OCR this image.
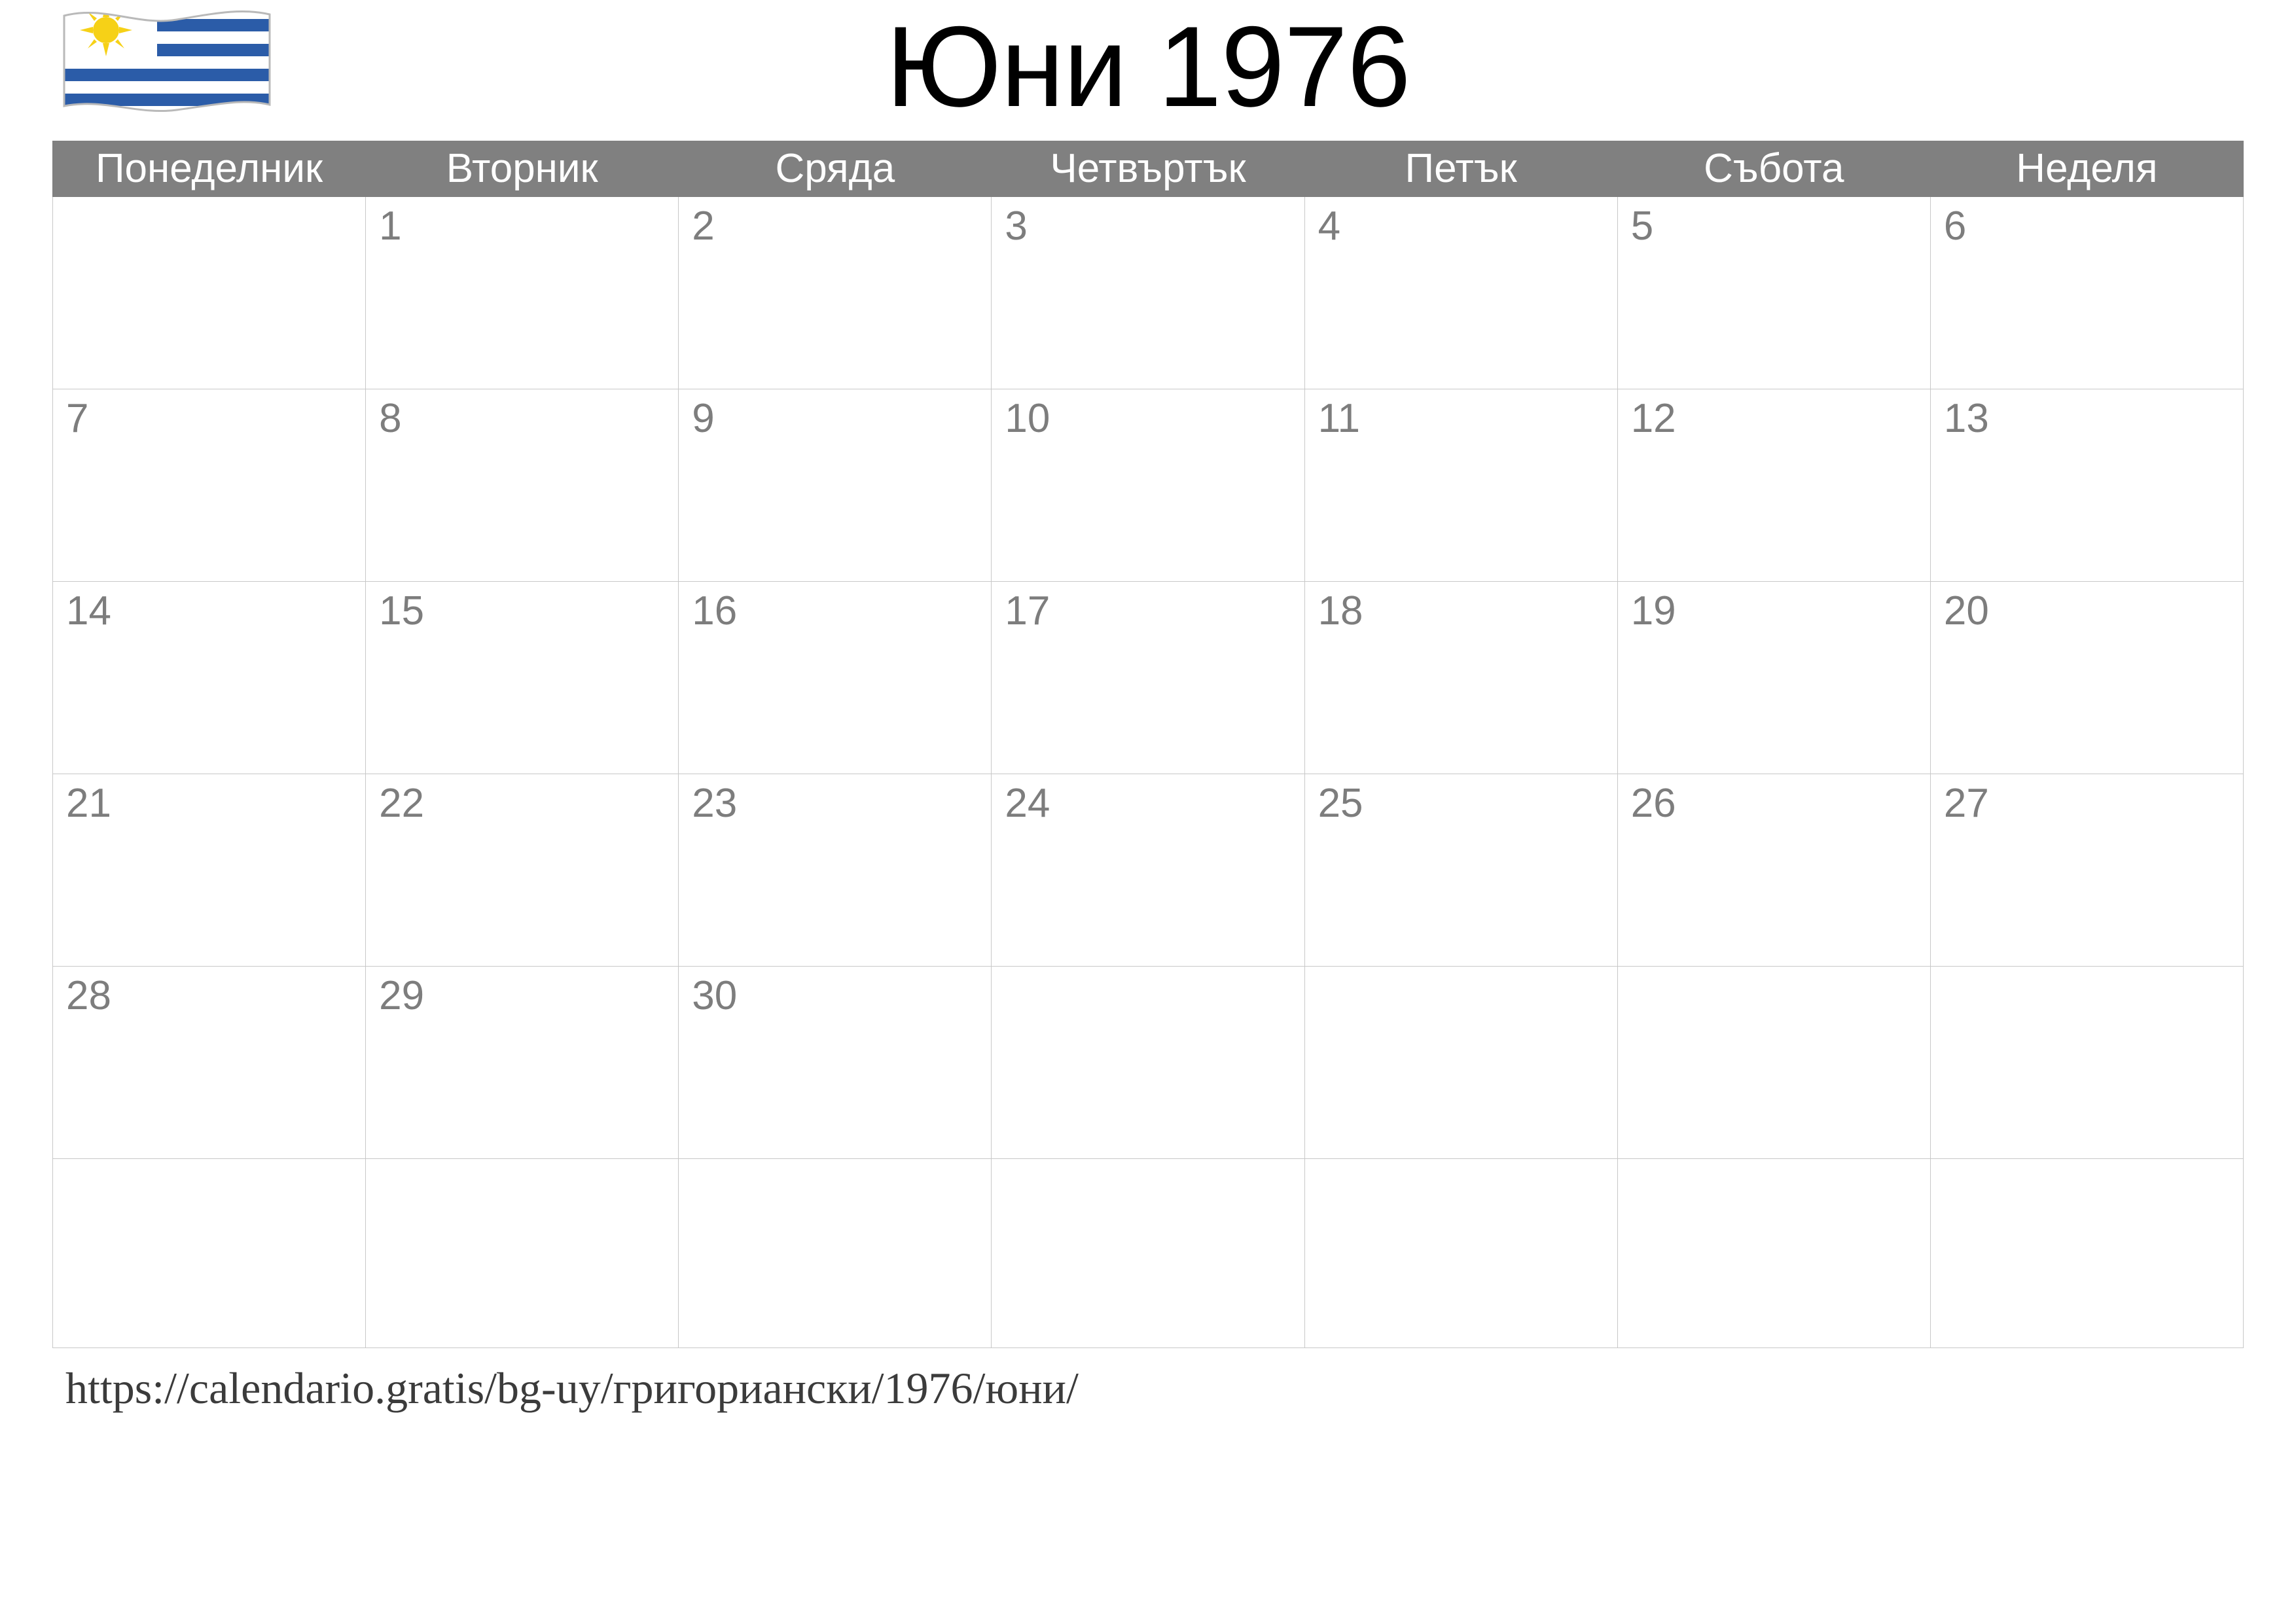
Юни 1976
Понеделник	Вторник	Сряда	Четвъртък	Петък	Събота	Неделя
	1	2	3	4	5	6
7	8	9	10	11	12	13
14	15	16	17	18	19	20
21	22	23	24	25	26	27
28	29	30				

https://calendario.gratis/bg-uy/григориански/1976/юни/
